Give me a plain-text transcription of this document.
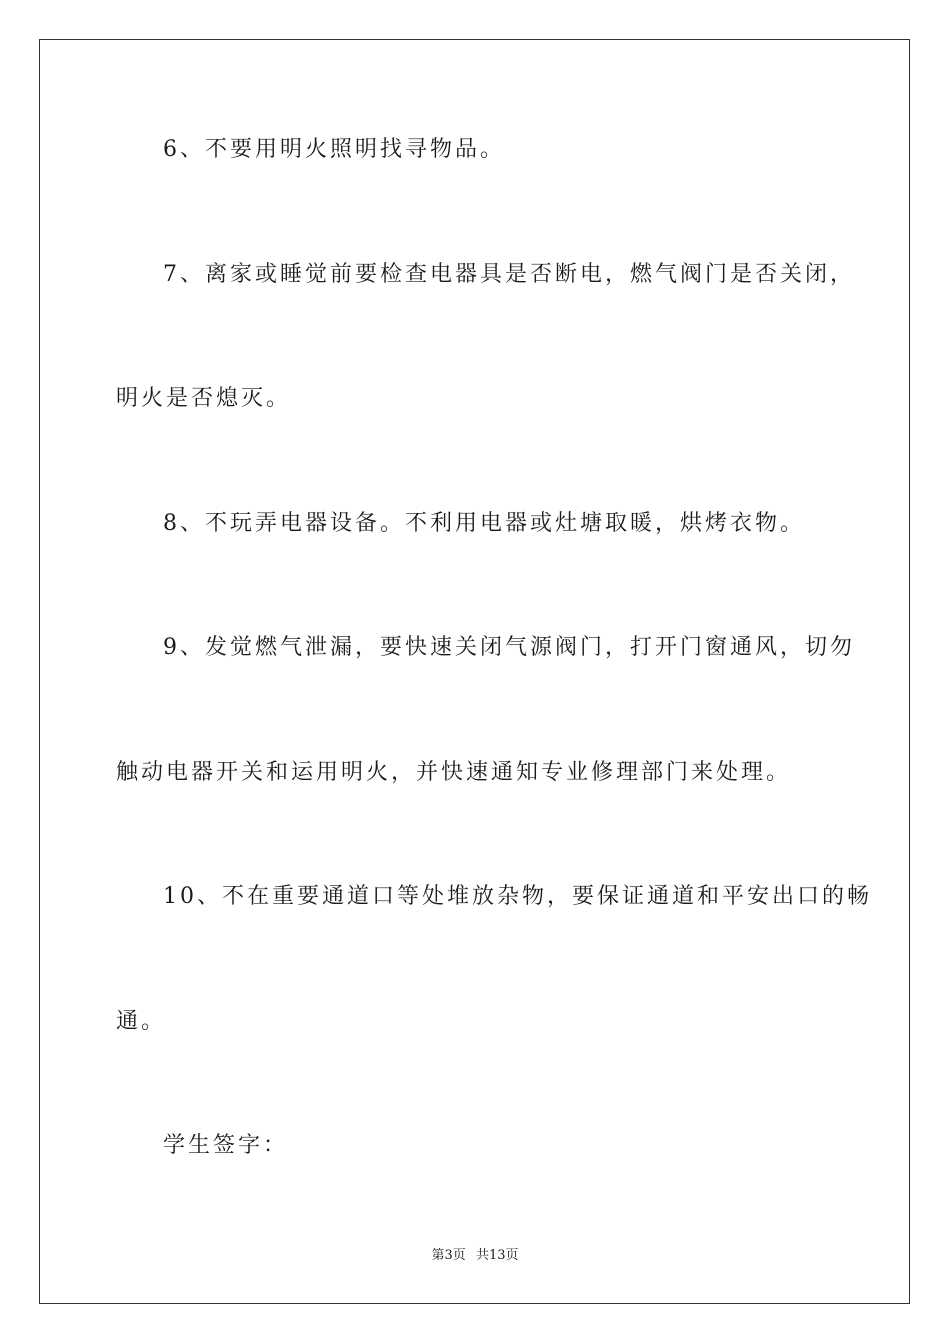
6、不要用明火照明找寻物品。
7、离家或睡觉前要检查电器具是否断电，燃气阀门是否关闭，
明火是否熄灭。
8、不玩弄电器设备。不利用电器或灶塘取暖，烘烤衣物。
9、发觉燃气泄漏，要快速关闭气源阀门，打开门窗通风，切勿
触动电器开关和运用明火，并快速通知专业修理部门来处理。
10、不在重要通道口等处堆放杂物，要保证通道和平安出口的畅
通。
学生签字：
第3页 共13页
